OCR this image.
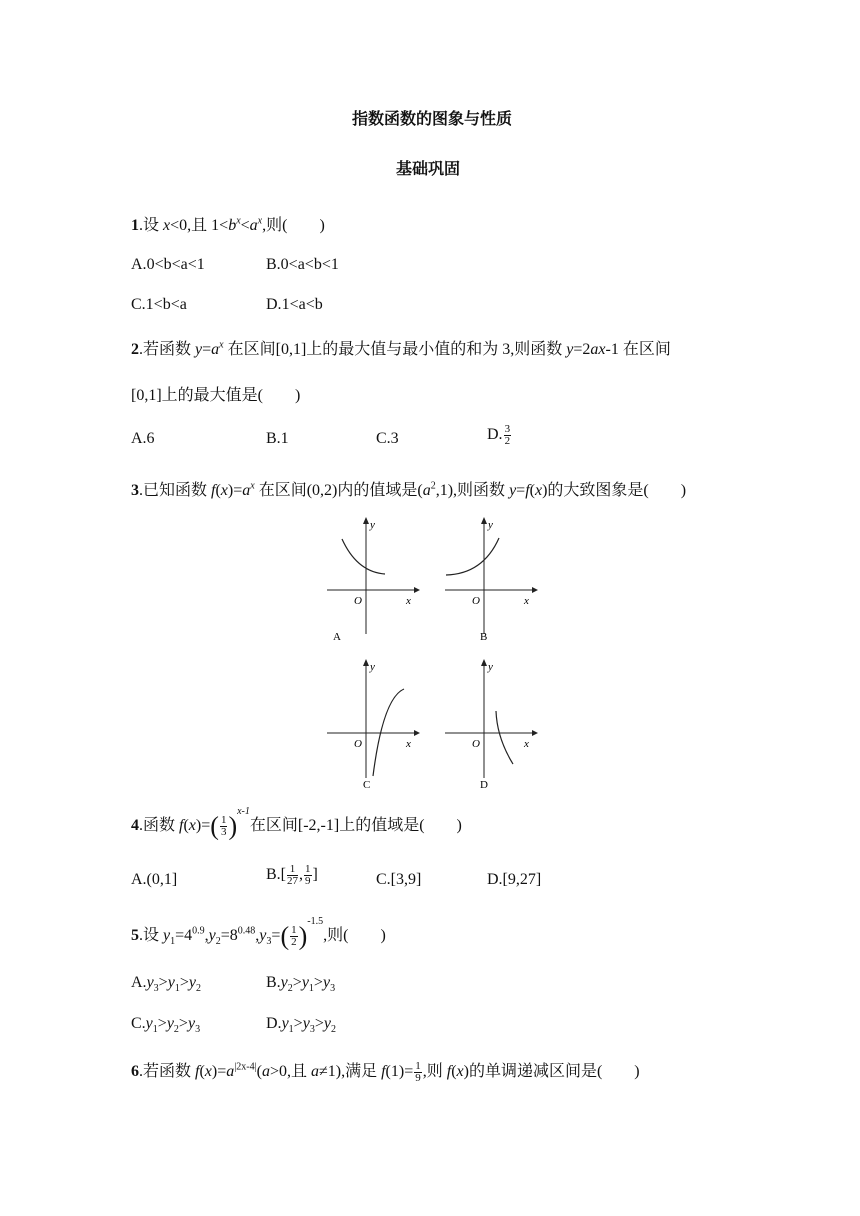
指数函数的图象与性质
基础巩固
1.设 x<0,且 $1<b^x<a^x$,则(　　)
A.0<b<a<1	B.0<a<b<1
C.1<b<a	D.1<a<b
2.若函数 $y=a^x$ 在区间[0,1]上的最大值与最小值的和为 3,则函数 y=2ax-1 在区间
[0,1]上的最大值是(　　)
A.6	B.1	C.3	D. $\frac{3}{2}$
3.已知函数 $f(x)=a^x$ 在区间(0,2)内的值域是$(a^2,1)$,则函数 y=f(x)的大致图象是(　　)
y
x
O
A
y
x
O
B
y
x
O
C
y
x
O
D
4.函数 $f(x)=( \frac{1}{3} )^{x-1}$在区间[-2,-1]上的值域是(　　)
A.(0,1]	$B.[ \frac{1}{27}$ , $\frac{1}{9}$ ]	C.[3,9]	D.[9,27]
5.设 $y_1=4^{0.9},y_2=8^{0.48},y_3=( \frac{1}{2} )^{-1.5}$,则(　　)
$A.y_3>y_1>y_2$	$B.y_2>y_1>y_3$
$C.y_1>y_2>y_3$	$D.y_1>y_3>y_2$
6.若函数 $f(x)=a^{|2x-4|}(a>0$,且 a≠1),满足 $f(1)= \frac{1}{9}$ ,则 f(x)的单调递减区间是(　　)
